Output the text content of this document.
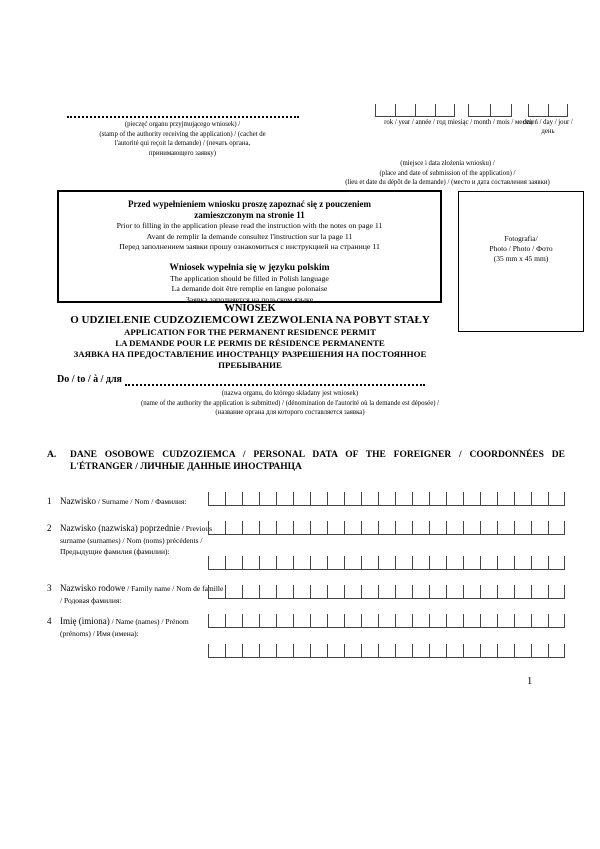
(pieczęć organu przyjmującego wniosek) /
(stamp of the authority receiving the application) / (cachet de
l'autorité qui reçoit la demande) / (печать органа,
принимающего заявку)
rok / year / année / год miesiąc / month / mois / месяц
dzień / day / jour / день
(miejsce i data złożenia wniosku) /
(place and date of submission of the application) /
(lieu et date du dépôt de la demande) / (место и дата составления заявки)
Przed wypełnieniem wniosku proszę zapoznać się z pouczeniem zamieszczonym na stronie 11
Prior to filling in the application please read the instruction with the notes on page 11
Avant de remplir la demande consultez l'instruction sur la page 11
Перед заполнением заявки прошу ознакомиться с инструкцией на странице 11
Wniosek wypełnia się w języku polskim
The application should be filled in Polish language
La demande doit être remplie en langue polonaise
Заявка заполняется на польском языке
Fotografia/
Photo / Photo / Фото
(35 mm x 45 mm)
WNIOSEK
O UDZIELENIE CUDZOZIEMCOWI ZEZWOLENIA NA POBYT STAŁY
APPLICATION FOR THE PERMANENT RESIDENCE PERMIT
LA DEMANDE POUR LE PERMIS DE RÉSIDENCE PERMANENTE
ЗАЯВКА НА ПРЕДОСТАВЛЕНИЕ ИНОСТРАНЦУ РАЗРЕШЕНИЯ НА ПОСТОЯННОЕ
ПРЕБЫВАНИЕ
Do / to / à / для
(nazwa organu, do którego składany jest wniosek)
(name of the authority the application is submitted) / (dénomination de l'autorité où la demande est déposée) /
(название органа для которого составляется заявка)
A.	DANE OSOBOWE CUDZOZIEMCA / PERSONAL DATA OF THE FOREIGNER / COORDONNÉES DE
L'ÉTRANGER / ЛИЧНЫЕ ДАННЫЕ ИНОСТРАНЦА
1 Nazwisko / Surname / Nom / Фамилия:
2 Nazwisko (nazwiska) poprzednie / Previous surname (surnames) / Nom (noms) précédents / Предыдущие фамилия (фамилии):
3 Nazwisko rodowe / Family name / Nom de famille / Родовая фамилия:
4 Imię (imiona) / Name (names) / Prénom (prénoms) / Имя (имена):
1
